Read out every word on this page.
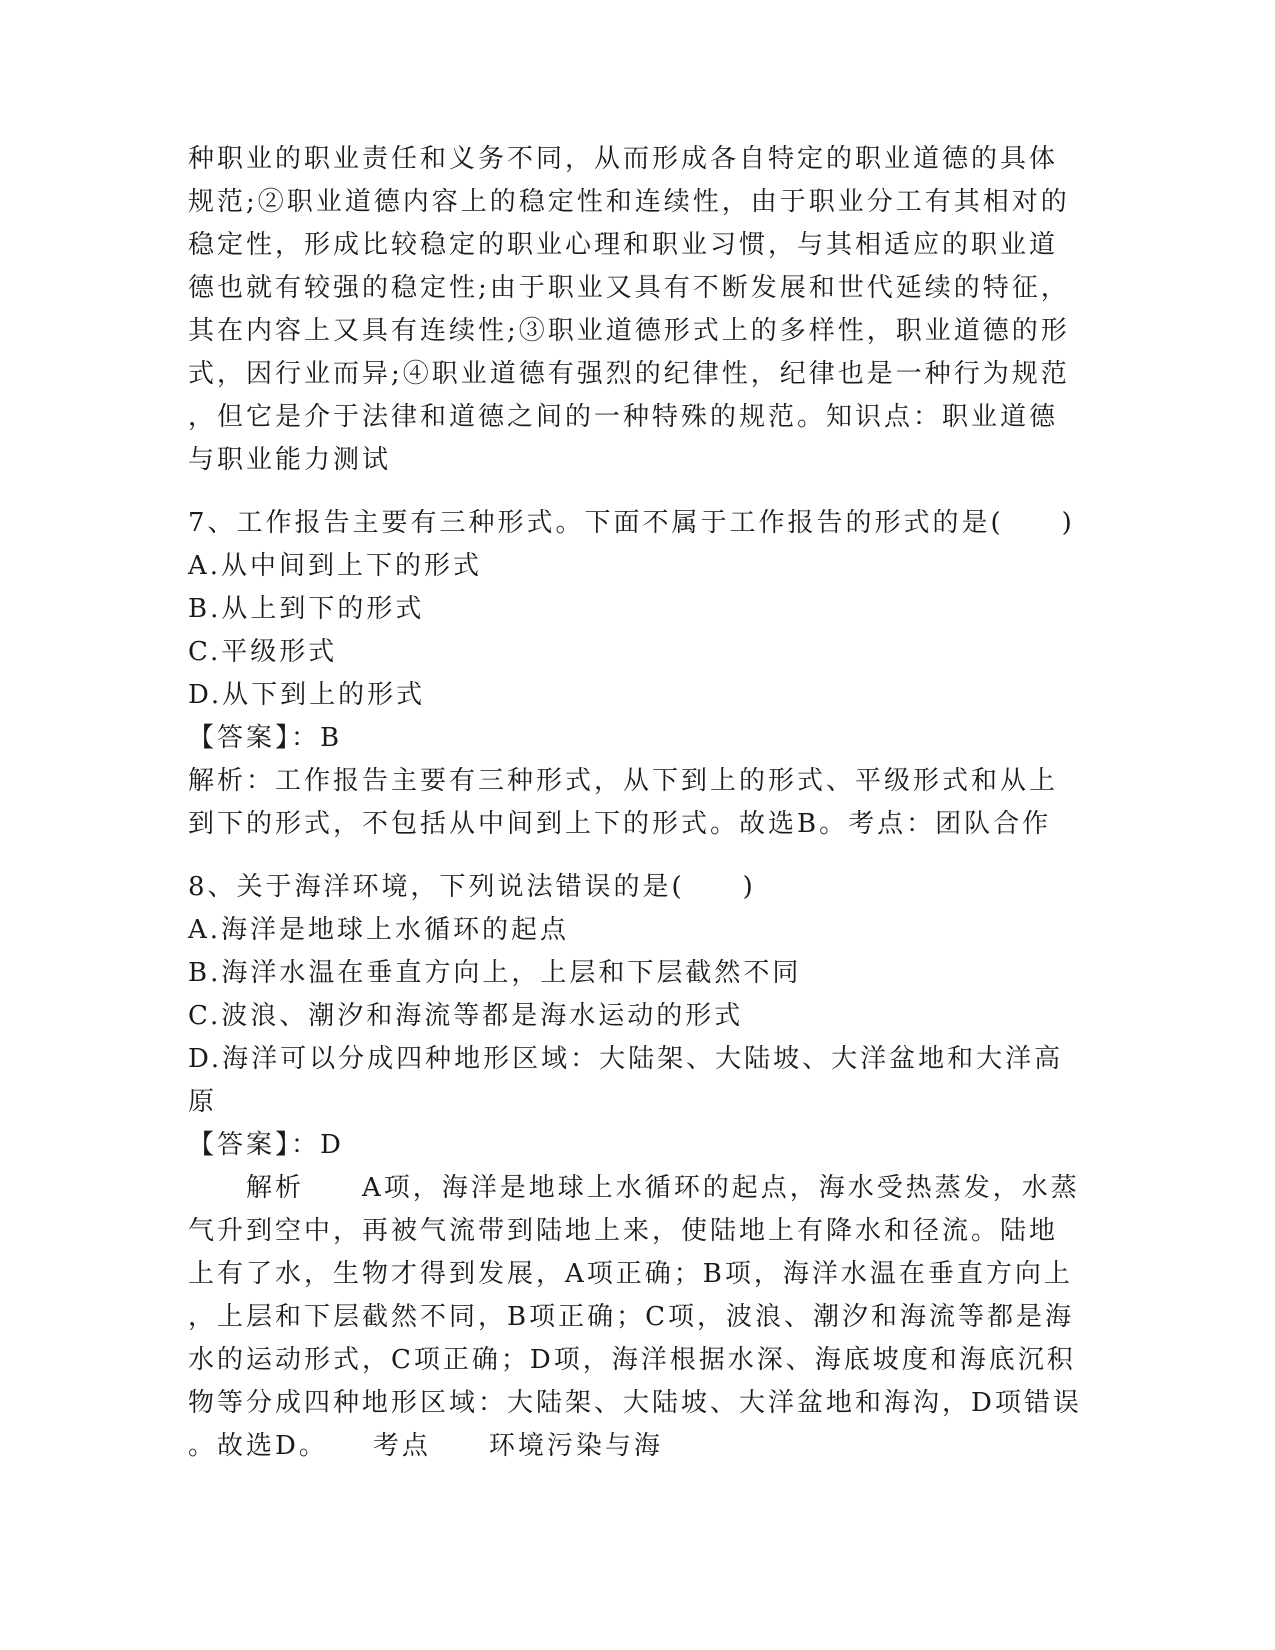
种职业的职业责任和义务不同，从而形成各自特定的职业道德的具体
规范;②职业道德内容上的稳定性和连续性，由于职业分工有其相对的
稳定性，形成比较稳定的职业心理和职业习惯，与其相适应的职业道
德也就有较强的稳定性;由于职业又具有不断发展和世代延续的特征，
其在内容上又具有连续性;③职业道德形式上的多样性，职业道德的形
式，因行业而异;④职业道德有强烈的纪律性，纪律也是一种行为规范
，但它是介于法律和道德之间的一种特殊的规范。知识点：职业道德
与职业能力测试
7、工作报告主要有三种形式。下面不属于工作报告的形式的是(　　)
A.从中间到上下的形式
B.从上到下的形式
C.平级形式
D.从下到上的形式
【答案】：B
解析：工作报告主要有三种形式，从下到上的形式、平级形式和从上
到下的形式，不包括从中间到上下的形式。故选B。考点：团队合作
8、关于海洋环境，下列说法错误的是(　　)
A.海洋是地球上水循环的起点
B.海洋水温在垂直方向上，上层和下层截然不同
C.波浪、潮汐和海流等都是海水运动的形式
D.海洋可以分成四种地形区域：大陆架、大陆坡、大洋盆地和大洋高
原
【答案】：D
　　解析　　A项，海洋是地球上水循环的起点，海水受热蒸发，水蒸
气升到空中，再被气流带到陆地上来，使陆地上有降水和径流。陆地
上有了水，生物才得到发展，A项正确；B项，海洋水温在垂直方向上
，上层和下层截然不同，B项正确；C项，波浪、潮汐和海流等都是海
水的运动形式，C项正确；D项，海洋根据水深、海底坡度和海底沉积
物等分成四种地形区域：大陆架、大陆坡、大洋盆地和海沟，D项错误
。故选D。　　考点　　环境污染与海
